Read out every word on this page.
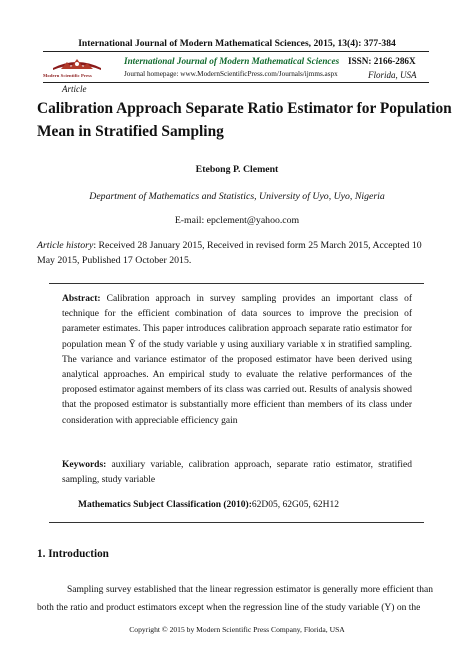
International Journal of Modern Mathematical Sciences, 2015, 13(4): 377-384
Modern Scientific Press
International Journal of Modern Mathematical Sciences ISSN: 2166-286X
Journal homepage: www.ModernScientificPress.com/Journals/ijmms.aspx	Florida, USA
Article
Calibration Approach Separate Ratio Estimator for Population Mean in Stratified Sampling
Etebong P. Clement
Department of Mathematics and Statistics, University of Uyo, Uyo, Nigeria
E-mail: epclement@yahoo.com
Article history: Received 28 January 2015, Received in revised form 25 March 2015, Accepted 10 May 2015, Published 17 October 2015.
Abstract: Calibration approach in survey sampling provides an important class of technique for the efficient combination of data sources to improve the precision of parameter estimates. This paper introduces calibration approach separate ratio estimator for population mean Ȳ of the study variable y using auxiliary variable x in stratified sampling. The variance and variance estimator of the proposed estimator have been derived using analytical approaches. An empirical study to evaluate the relative performances of the proposed estimator against members of its class was carried out. Results of analysis showed that the proposed estimator is substantially more efficient than members of its class under consideration with appreciable efficiency gain
Keywords: auxiliary variable, calibration approach, separate ratio estimator, stratified sampling, study variable
Mathematics Subject Classification (2010):62D05, 62G05, 62H12
1. Introduction
Sampling survey established that the linear regression estimator is generally more efficient than both the ratio and product estimators except when the regression line of the study variable (Y) on the
Copyright © 2015 by Modern Scientific Press Company, Florida, USA
